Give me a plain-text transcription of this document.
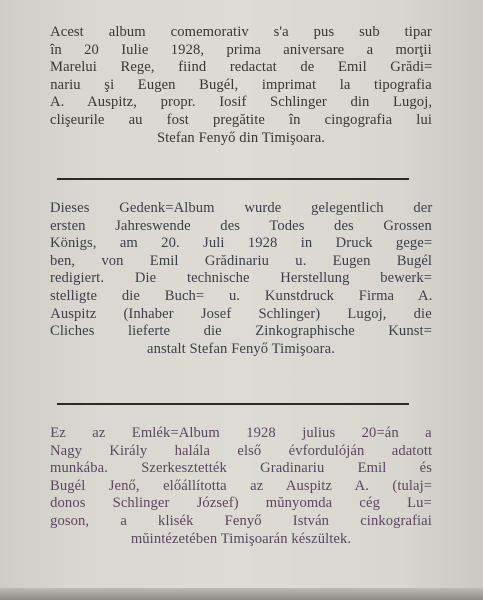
Acest album comemorativ s'a pus sub tipar
în 20 Iulie 1928, prima aniversare a morţii
Marelui Rege, fiind redactat de Emil Grădi=
nariu şi Eugen Bugél, imprimat la tipografia
A. Auspitz, propr. Iosif Schlinger din Lugoj,
clişeurile au fost pregătite în cingografia lui
Stefan Fenyő din Timişoara.
Dieses Gedenk=Album wurde gelegentlich der
ersten Jahreswende des Todes des Grossen
Königs, am 20. Juli 1928 in Druck gege=
ben, von Emil Grădinariu u. Eugen Bugél
redigiert. Die technische Herstellung bewerk=
stelligte die Buch= u. Kunstdruck Firma A.
Auspitz (Inhaber Josef Schlinger) Lugoj, die
Cliches lieferte die Zinkographische Kunst=
anstalt Stefan Fenyő Timişoara.
Ez az Emlék=Album 1928 julius 20=án a
Nagy Király halála első évfordulóján adatott
munkába. Szerkesztették Gradinariu Emil és
Bugél Jenő, előállította az Auspitz A. (tulaj=
donos Schlinger József) mŭnyomda cég Lu=
goson, a klisék Fenyő István cinkografiai
mŭintézetében Timişoarán készültek.
